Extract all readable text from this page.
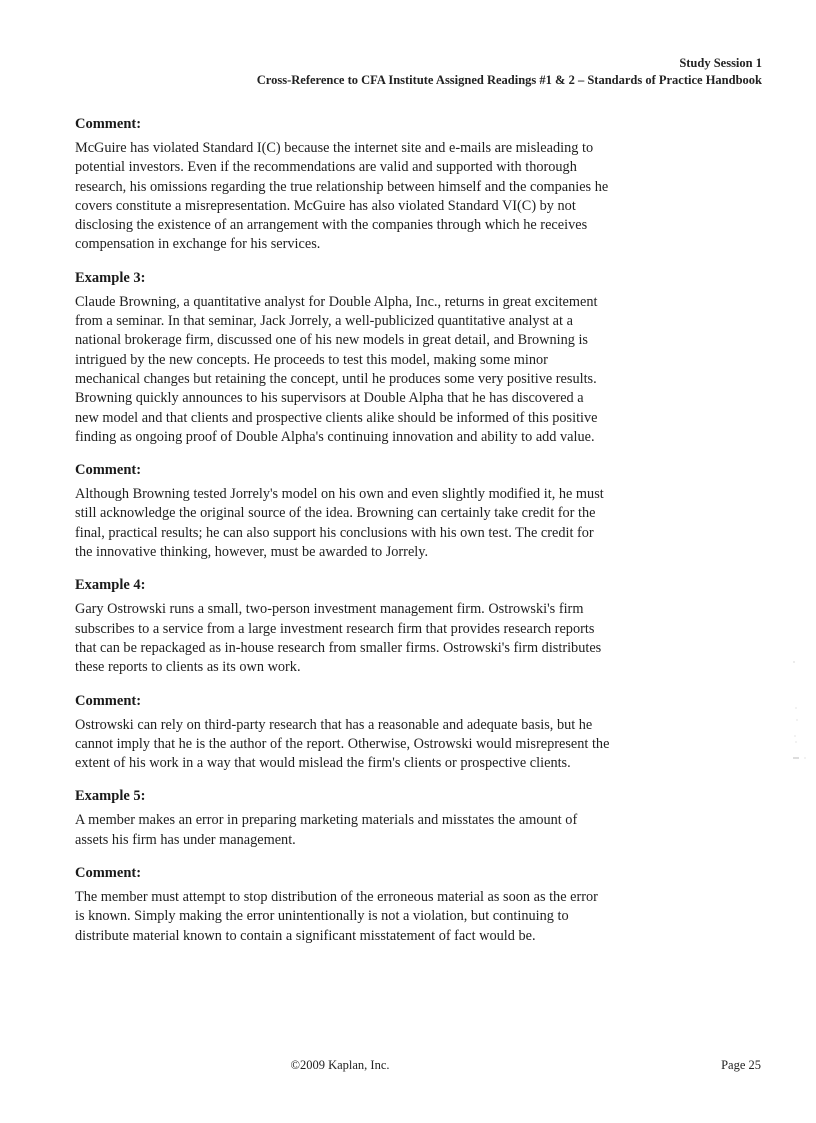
Study Session 1
Cross-Reference to CFA Institute Assigned Readings #1 & 2 – Standards of Practice Handbook
Comment:
McGuire has violated Standard I(C) because the internet site and e-mails are misleading to potential investors. Even if the recommendations are valid and supported with thorough research, his omissions regarding the true relationship between himself and the companies he covers constitute a misrepresentation. McGuire has also violated Standard VI(C) by not disclosing the existence of an arrangement with the companies through which he receives compensation in exchange for his services.
Example 3:
Claude Browning, a quantitative analyst for Double Alpha, Inc., returns in great excitement from a seminar. In that seminar, Jack Jorrely, a well-publicized quantitative analyst at a national brokerage firm, discussed one of his new models in great detail, and Browning is intrigued by the new concepts. He proceeds to test this model, making some minor mechanical changes but retaining the concept, until he produces some very positive results. Browning quickly announces to his supervisors at Double Alpha that he has discovered a new model and that clients and prospective clients alike should be informed of this positive finding as ongoing proof of Double Alpha's continuing innovation and ability to add value.
Comment:
Although Browning tested Jorrely's model on his own and even slightly modified it, he must still acknowledge the original source of the idea. Browning can certainly take credit for the final, practical results; he can also support his conclusions with his own test. The credit for the innovative thinking, however, must be awarded to Jorrely.
Example 4:
Gary Ostrowski runs a small, two-person investment management firm. Ostrowski's firm subscribes to a service from a large investment research firm that provides research reports that can be repackaged as in-house research from smaller firms. Ostrowski's firm distributes these reports to clients as its own work.
Comment:
Ostrowski can rely on third-party research that has a reasonable and adequate basis, but he cannot imply that he is the author of the report. Otherwise, Ostrowski would misrepresent the extent of his work in a way that would mislead the firm's clients or prospective clients.
Example 5:
A member makes an error in preparing marketing materials and misstates the amount of assets his firm has under management.
Comment:
The member must attempt to stop distribution of the erroneous material as soon as the error is known. Simply making the error unintentionally is not a violation, but continuing to distribute material known to contain a significant misstatement of fact would be.
©2009 Kaplan, Inc.	Page 25
